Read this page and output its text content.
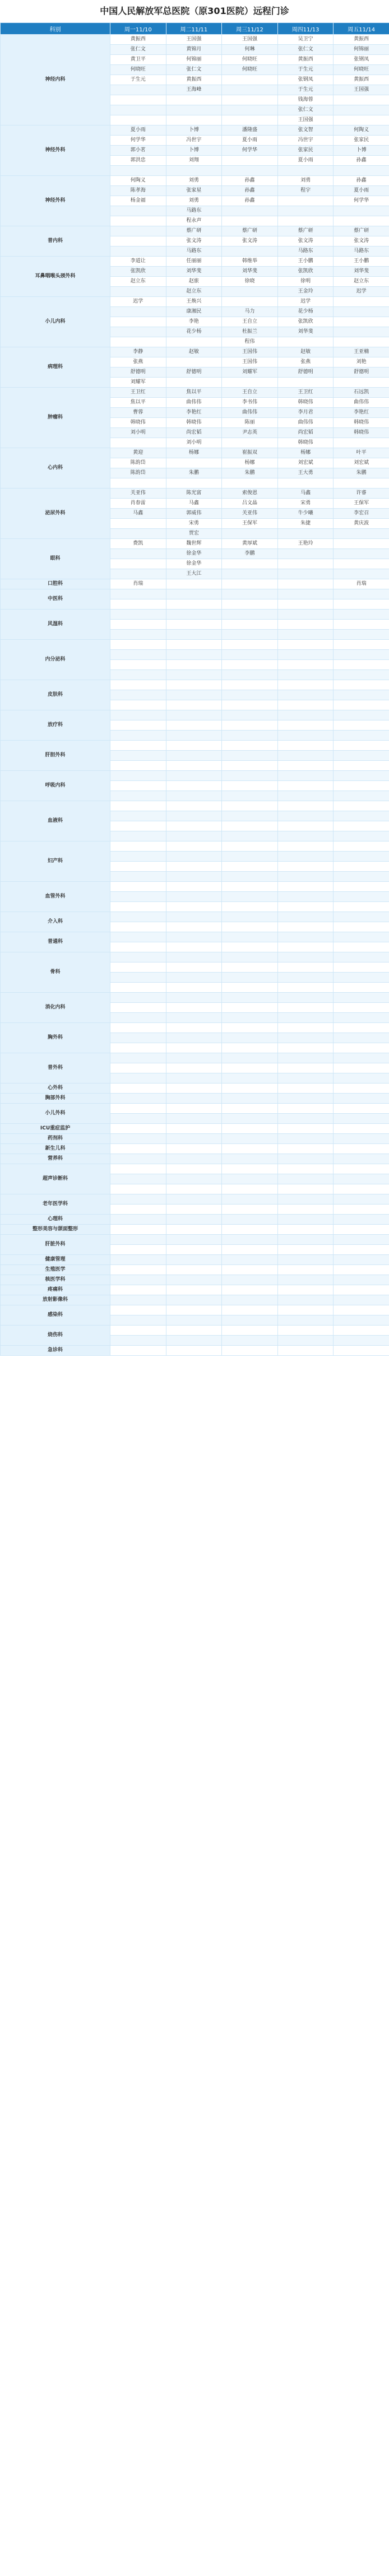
中国人民解放军总医院（原301医院）远程门诊
科别	周一11/10	周二11/11	周三11/12	周四11/13	周五11/14
神经内科	黄振西	王国强	王国强	吴卫宁	黄振西
	张仁文	黄锦月	何琳	张仁文	何锦丽
	黄卫平	何锦丽	何晓旺	黄振西	张钢凤
	何晓旺	张仁文	何晓旺	于生元	何晓旺
	于生元	黄振西		张钢凤	黄振西
		王海峰		于生元	王国强
				钱海蓉	
				张仁文	
				王国强	
神经外科	夏小雨	卜博	潘隆盛	张文智	何陶义
	何学华	冯世宇	夏小雨	冯世宇	张家民
	郭小茗	卜博	何学华	张家民	卜博
	郭洪忠	刘翔		夏小雨	孙鑫

神经外科	何陶义	刘勇	孙鑫	刘勇	孙鑫
	陈孝海	张家星	孙鑫	程宇	夏小雨
	杨金福	刘勇	孙鑫		何学华
		马路东			
		程永声			
普内科		蔡广研	蔡广研	蔡广研	蔡广研
		张文涛	张文涛	张文涛	张文涛
		马路东		马路东	马路东
耳鼻咽喉头颈外科	李道让	任丽丽	韩维举	王小鹏	王小鹏
	张凯欣	刘华斐	刘华斐	张凯欣	刘华斐
	赵立东	赵旅	徐晓	徐明	赵立东
		赵立东		王金玲	迟学
小儿内科	迟学	王焕兴		迟学	
		康湘民	马力	花少杨	
		李艳	王自立	张凯欣	
		花少杨	杜振兰	刘华斐	
			程伟		
病理科	李静	赵敏	王国伟	赵敏	王亚楠
	张燕		王国伟	张燕	刘艳
	舒德明	舒德明	刘耀军	舒德明	舒德明
	刘耀军				
肿瘤科	王卫红	焦以平	王自立	王卫红	石远凯
	焦以平	曲伟伟	李书伟	韩晓伟	曲伟伟
	曹蓉	李艳红	曲伟伟	李月君	李艳红
	韩晓伟	韩晓伟	陈丽	曲伟伟	韩晓伟
	刘小明	尚宏韬	尹志英	尚宏韬	韩晓伟
		刘小明		韩晓伟	
心内科	黄迎	杨娜	崔振双	杨娜	叶平
	陈韵岱		杨娜	刘宏斌	刘宏斌
	陈韵岱	朱鹏	朱鹏	王大勇	朱鹏

泌尿外科	关亚伟	陈光富	索俊恩	马鑫	许睿
	肖春雷	马鑫	吕文晶	宋勇	王保军
	马鑫	郭威伟	关亚伟	牛少曦	李宏召
		宋勇	王保军	朱捷	黄庆波
		贾宏			
眼科	费凯	魏世辉	黄厚斌	王艳玲	
		徐金华	李鹏		
		徐金华			
		王大江			
口腔科	肖瑞				肖瑞
中医科					

风湿科					

内分泌科					

皮肤科					

放疗科					

肝胆外科					

呼吸内科					

血液科					

妇产科					

血管外科					

介入科					

普通科					

骨科					

消化内科					

胸外科					

普外科					

心外科					
胸部外科					
小儿外科					

ICU重症监护					
药剂科					
新生儿科					
营养科					
超声诊断科					

老年医学科					

心理科					
整形美容与颌面整形					
肝脏外科					

健康管理					
生殖医学					
核医学科					
疼痛科					
放射影像科					
感染科					

烧伤科					

急诊科					
